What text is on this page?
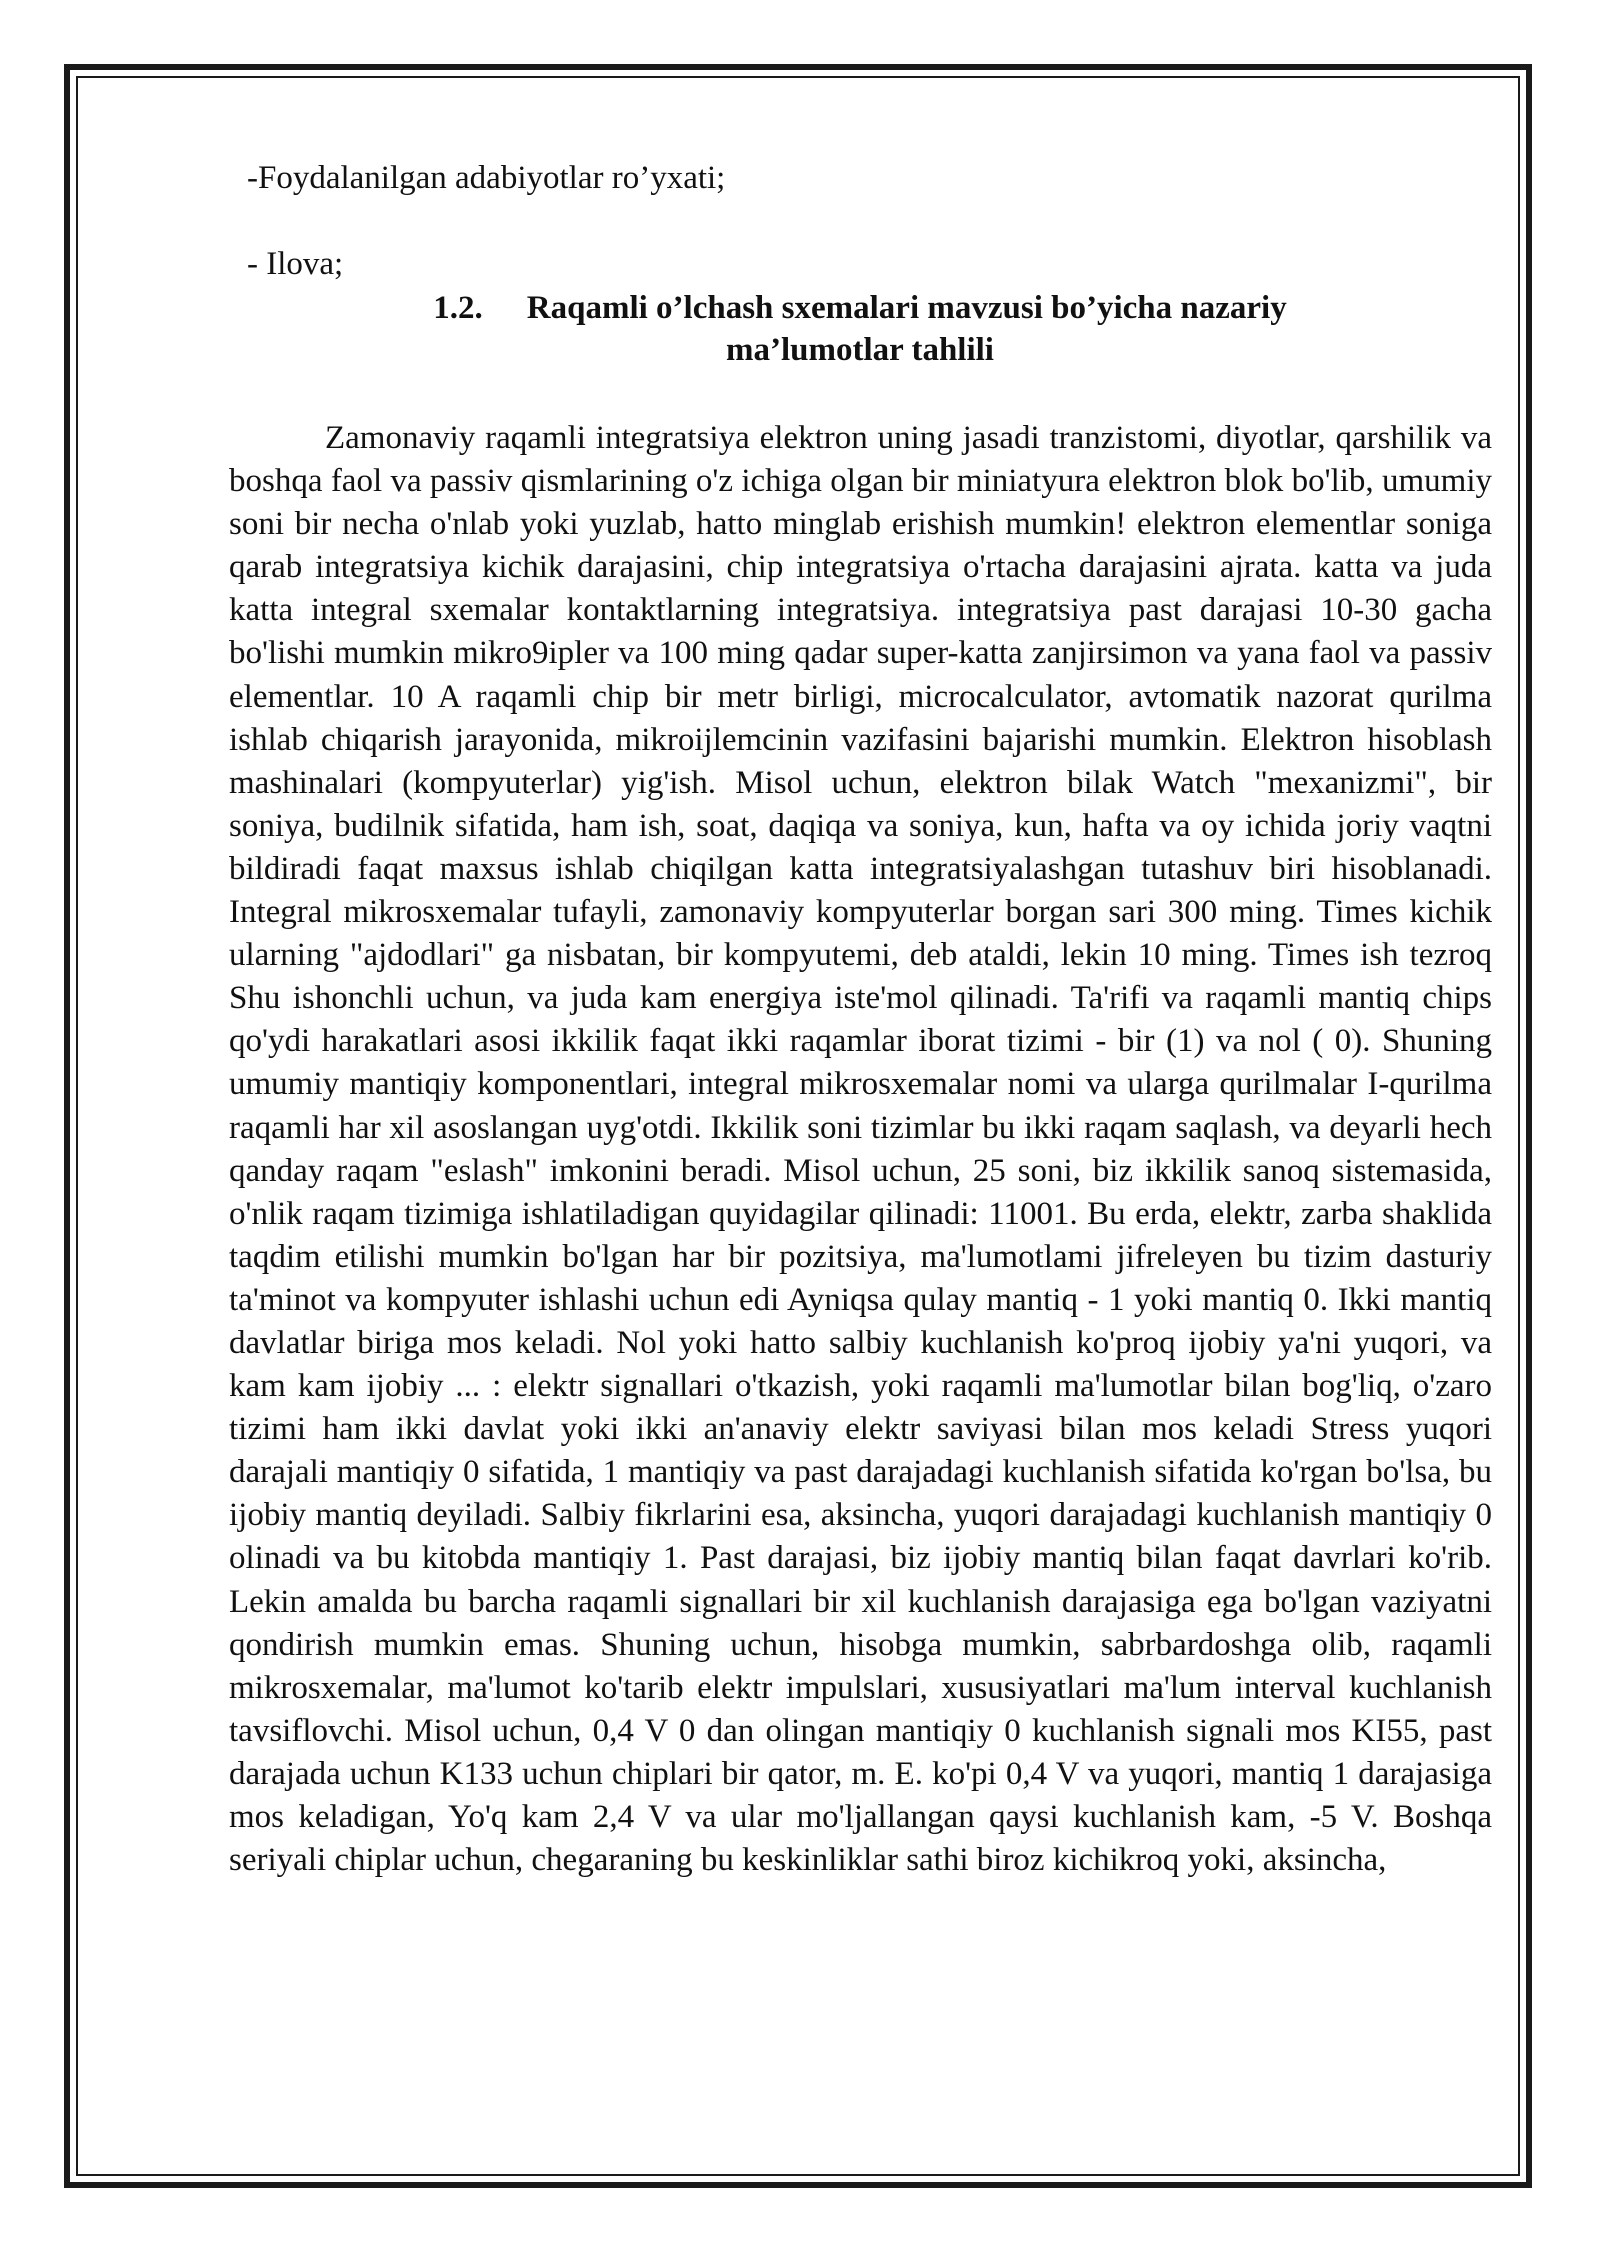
-Foydalanilgan adabiyotlar ro’yxati;
- Ilova;
1.2. Raqamli o’lchash sxemalari mavzusi bo’yicha nazariy
ma’lumotlar tahlili

Zamonaviy raqamli integratsiya elektron uning jasadi tranzistomi, diyotlar, qarshilik va boshqa faol va passiv qismlarining o'z ichiga olgan bir miniatyura elektron blok bo'lib, umumiy soni bir necha o'nlab yoki yuzlab, hatto minglab erishish mumkin! elektron elementlar soniga qarab integratsiya kichik darajasini, chip integratsiya o'rtacha darajasini ajrata. katta va juda katta integral sxemalar kontaktlarning integratsiya. integratsiya past darajasi 10-30 gacha bo'lishi mumkin mikro9ipler va 100 ming qadar super-katta zanjirsimon va yana faol va passiv elementlar. 10 A raqamli chip bir metr birligi, microcalculator, avtomatik nazorat qurilma ishlab chiqarish jarayonida, mikroijlemcinin vazifasini bajarishi mumkin. Elektron hisoblash mashinalari (kompyuterlar) yig'ish. Misol uchun, elektron bilak Watch "mexanizmi", bir soniya, budilnik sifatida, ham ish, soat, daqiqa va soniya, kun, hafta va oy ichida joriy vaqtni bildiradi faqat maxsus ishlab chiqilgan katta integratsiyalashgan tutashuv biri hisoblanadi. Integral mikrosxemalar tufayli, zamonaviy kompyuterlar borgan sari 300 ming. Times kichik ularning "ajdodlari" ga nisbatan, bir kompyutemi, deb ataldi, lekin 10 ming. Times ish tezroq Shu ishonchli uchun, va juda kam energiya iste'mol qilinadi. Ta'rifi va raqamli mantiq chips qo'ydi harakatlari asosi ikkilik faqat ikki raqamlar iborat tizimi - bir (1) va nol ( 0). Shuning umumiy mantiqiy komponentlari, integral mikrosxemalar nomi va ularga qurilmalar I-qurilma raqamli har xil asoslangan uyg'otdi. Ikkilik soni tizimlar bu ikki raqam saqlash, va deyarli hech qanday raqam "eslash" imkonini beradi. Misol uchun, 25 soni, biz ikkilik sanoq sistemasida, o'nlik raqam tizimiga ishlatiladigan quyidagilar qilinadi: 11001. Bu erda, elektr, zarba shaklida taqdim etilishi mumkin bo'lgan har bir pozitsiya, ma'lumotlami jifreleyen bu tizim dasturiy ta'minot va kompyuter ishlashi uchun edi Ayniqsa qulay mantiq - 1 yoki mantiq 0. Ikki mantiq davlatlar biriga mos keladi. Nol yoki hatto salbiy kuchlanish ko'proq ijobiy ya'ni yuqori, va kam kam ijobiy ... : elektr signallari o'tkazish, yoki raqamli ma'lumotlar bilan bog'liq, o'zaro tizimi ham ikki davlat yoki ikki an'anaviy elektr saviyasi bilan mos keladi Stress yuqori darajali mantiqiy 0 sifatida, 1 mantiqiy va past darajadagi kuchlanish sifatida ko'rgan bo'lsa, bu ijobiy mantiq deyiladi. Salbiy fikrlarini esa, aksincha, yuqori darajadagi kuchlanish mantiqiy 0 olinadi va bu kitobda mantiqiy 1. Past darajasi, biz ijobiy mantiq bilan faqat davrlari ko'rib. Lekin amalda bu barcha raqamli signallari bir xil kuchlanish darajasiga ega bo'lgan vaziyatni qondirish mumkin emas. Shuning uchun, hisobga mumkin, sabrbardoshga olib, raqamli mikrosxemalar, ma'lumot ko'tarib elektr impulslari, xususiyatlari ma'lum interval kuchlanish tavsiflovchi. Misol uchun, 0,4 V 0 dan olingan mantiqiy 0 kuchlanish signali mos KI55, past darajada uchun K133 uchun chiplari bir qator, m. E. ko'pi 0,4 V va yuqori, mantiq 1 darajasiga mos keladigan, Yo'q kam 2,4 V va ular mo'ljallangan qaysi kuchlanish kam, -5 V. Boshqa seriyali chiplar uchun, chegaraning bu keskinliklar sathi biroz kichikroq yoki, aksincha,
